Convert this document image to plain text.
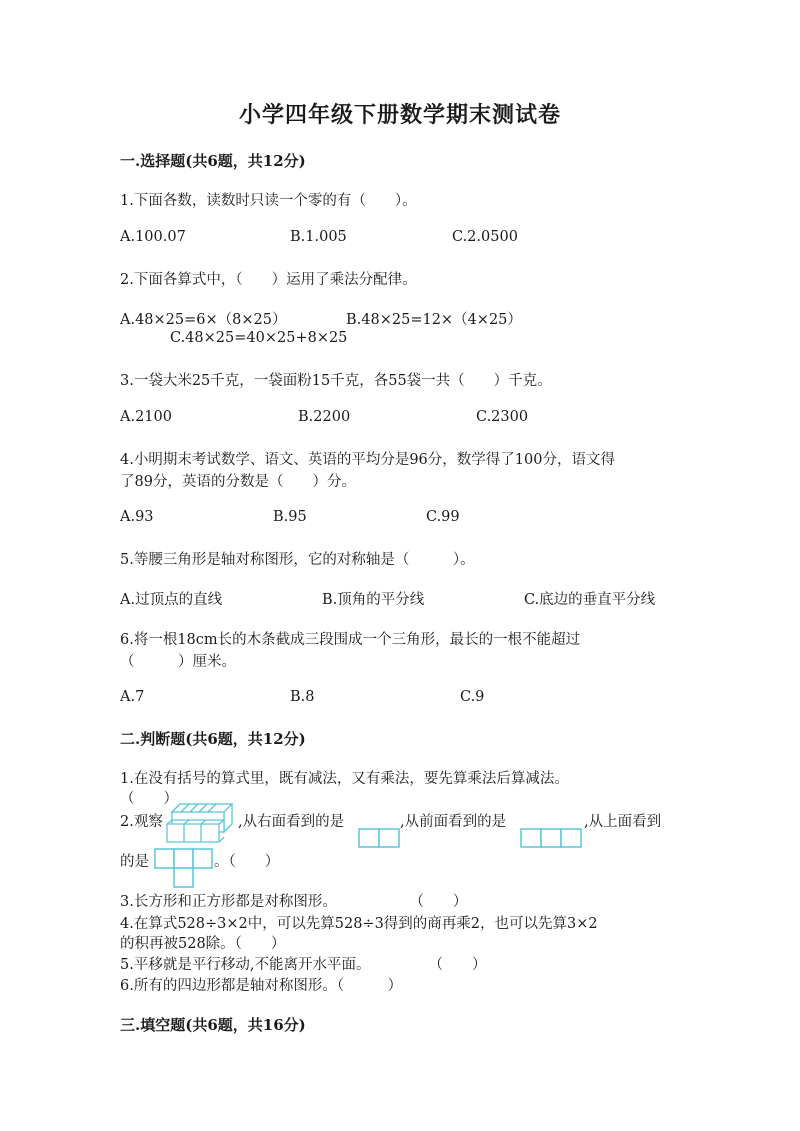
小学四年级下册数学期末测试卷
一.选择题(共6题，共12分)
1.下面各数，读数时只读一个零的有（　　）。
A.100.07	B.1.005	C.2.0500
2.下面各算式中，（　　）运用了乘法分配律。
A.48×25=6×（8×25）	B.48×25=12×（4×25）
C.48×25=40×25+8×25
3.一袋大米25千克，一袋面粉15千克，各55袋一共（　　）千克。
A.2100	B.2200	C.2300
4.小明期末考试数学、语文、英语的平均分是96分，数学得了100分，语文得
了89分，英语的分数是（　　）分。
A.93	B.95	C.99
5.等腰三角形是轴对称图形，它的对称轴是（　　　）。
A.过顶点的直线	B.顶角的平分线	C.底边的垂直平分线
6.将一根18cm长的木条截成三段围成一个三角形，最长的一根不能超过
（　　　）厘米。
A.7	B.8	C.9
二.判断题(共6题，共12分)
1.在没有括号的算式里，既有减法，又有乘法，要先算乘法后算减法。
（　　）
2.观察	,从右面看到的是	,从前面看到的是	,从上面看到
的是	。（　　）
3.长方形和正方形都是对称图形。　　　　　　（　　）
4.在算式528÷3×2中，可以先算528÷3得到的商再乘2，也可以先算3×2
的积再被528除。（　　）
5.平移就是平行移动,不能离开水平面。　　　　　（　　）
6.所有的四边形都是轴对称图形。（　　　）
三.填空题(共6题，共16分)
